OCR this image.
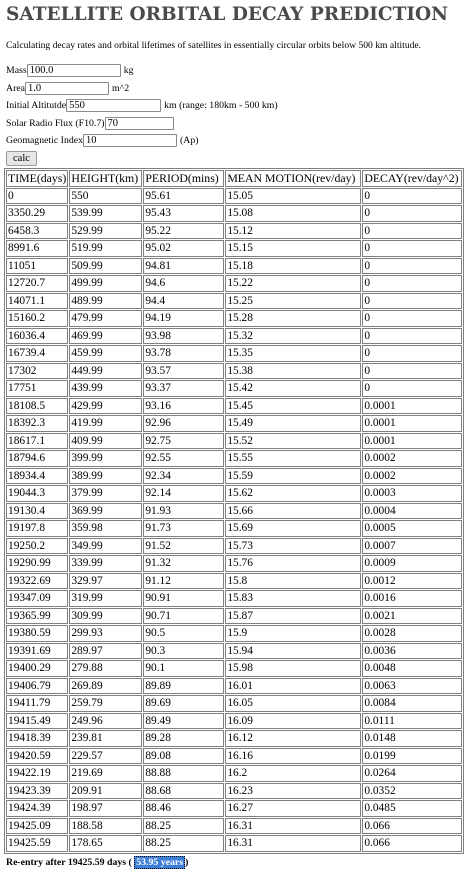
SATELLITE ORBITAL DECAY PREDICTION
Calculating decay rates and orbital lifetimes of satellites in essentially circular orbits below 500 km altitude.
Mass
100.0	kg
Area
1.0	m^2
Initial Altitutde
550	km (range: 180km - 500 km)
Solar Radio Flux (F10.7)
70
Geomagnetic Index
10	(Ap)
calc
TIME(days)	HEIGHT(km)	PERIOD(mins)	MEAN MOTION(rev/day)	DECAY(rev/day^2)
0	550	95.61	15.05	0
3350.29	539.99	95.43	15.08	0
6458.3	529.99	95.22	15.12	0
8991.6	519.99	95.02	15.15	0
11051	509.99	94.81	15.18	0
12720.7	499.99	94.6	15.22	0
14071.1	489.99	94.4	15.25	0
15160.2	479.99	94.19	15.28	0
16036.4	469.99	93.98	15.32	0
16739.4	459.99	93.78	15.35	0
17302	449.99	93.57	15.38	0
17751	439.99	93.37	15.42	0
18108.5	429.99	93.16	15.45	0.0001
18392.3	419.99	92.96	15.49	0.0001
18617.1	409.99	92.75	15.52	0.0001
18794.6	399.99	92.55	15.55	0.0002
18934.4	389.99	92.34	15.59	0.0002
19044.3	379.99	92.14	15.62	0.0003
19130.4	369.99	91.93	15.66	0.0004
19197.8	359.98	91.73	15.69	0.0005
19250.2	349.99	91.52	15.73	0.0007
19290.99	339.99	91.32	15.76	0.0009
19322.69	329.97	91.12	15.8	0.0012
19347.09	319.99	90.91	15.83	0.0016
19365.99	309.99	90.71	15.87	0.0021
19380.59	299.93	90.5	15.9	0.0028
19391.69	289.97	90.3	15.94	0.0036
19400.29	279.88	90.1	15.98	0.0048
19406.79	269.89	89.89	16.01	0.0063
19411.79	259.79	89.69	16.05	0.0084
19415.49	249.96	89.49	16.09	0.0111
19418.39	239.81	89.28	16.12	0.0148
19420.59	229.57	89.08	16.16	0.0199
19422.19	219.69	88.88	16.2	0.0264
19423.39	209.91	88.68	16.23	0.0352
19424.39	198.97	88.46	16.27	0.0485
19425.09	188.58	88.25	16.31	0.066
19425.59	178.65	88.25	16.31	0.066
Re-entry after 19425.59 days ( 53.95 years )
